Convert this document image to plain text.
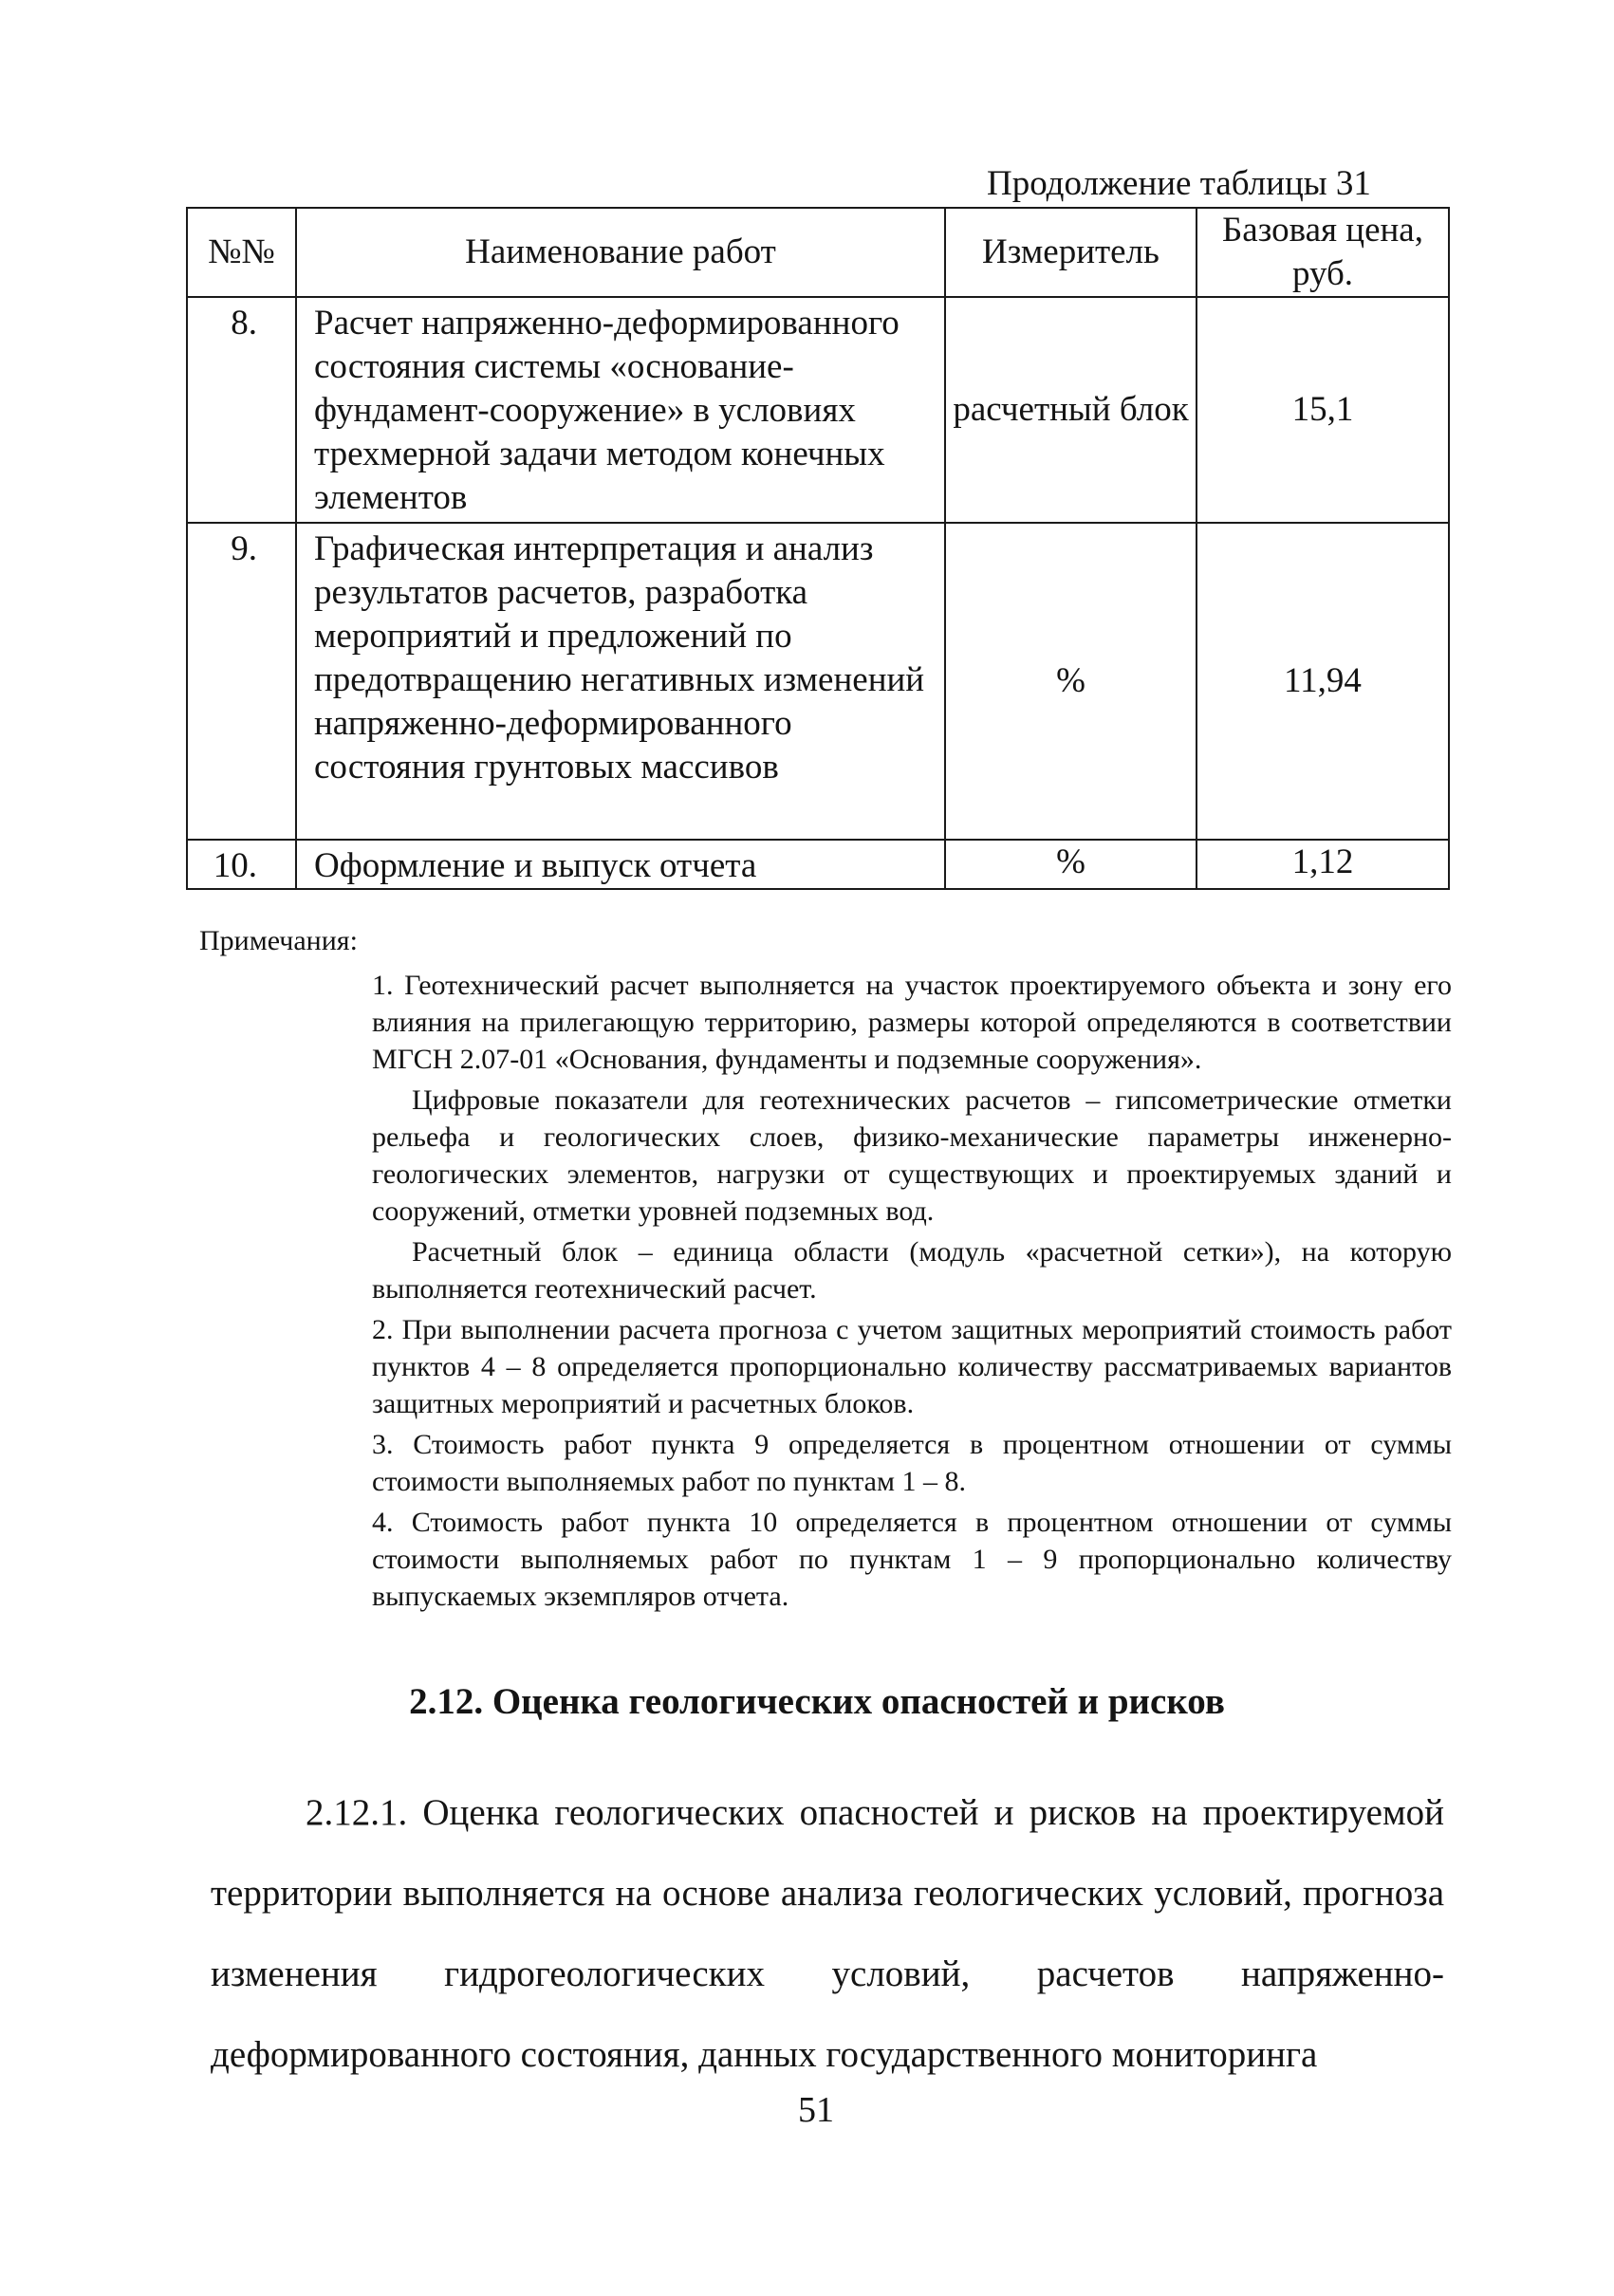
Продолжение таблицы 31
№№	Наименование работ	Измеритель	Базовая цена, руб.
8.	Расчет напряженно-деформированного состояния системы «основание-фундамент-сооружение» в условиях трехмерной задачи методом конечных элементов	расчетный блок	15,1
9.	Графическая интерпретация и анализ результатов расчетов, разработка мероприятий и предложений по предотвращению негативных изменений напряженно-деформированного состояния грунтовых массивов	%	11,94
10.	Оформление и выпуск отчета	%	1,12

Примечания:

1. Геотехнический расчет выполняется на участок проектируемого объекта и зону его влияния на прилегающую территорию, размеры которой определяются в соответствии МГСН 2.07-01 «Основания, фундаменты и подземные сооружения».

Цифровые показатели для геотехнических расчетов – гипсометрические отметки рельефа и геологических слоев, физико-механические параметры инженерно-геологических элементов, нагрузки от существующих и проектируемых зданий и сооружений, отметки уровней подземных вод.

Расчетный блок – единица области (модуль «расчетной сетки»), на которую выполняется геотехнический расчет.

2. При выполнении расчета прогноза с учетом защитных мероприятий стоимость работ пунктов 4 – 8 определяется пропорционально количеству рассматриваемых вариантов защитных мероприятий и расчетных блоков.

3. Стоимость работ пункта 9 определяется в процентном отношении от суммы стоимости выполняемых работ по пунктам 1 – 8.

4. Стоимость работ пункта 10 определяется в процентном отношении от суммы стоимости выполняемых работ по пунктам 1 – 9 пропорционально количеству выпускаемых экземпляров отчета.

2.12. Оценка геологических опасностей и рисков
2.12.1. Оценка геологических опасностей и рисков на проектируемой территории выполняется на основе анализа геологических условий, прогноза изменения гидрогеологических условий, расчетов напряженно-деформированного состояния, данных государственного мониторинга
51
